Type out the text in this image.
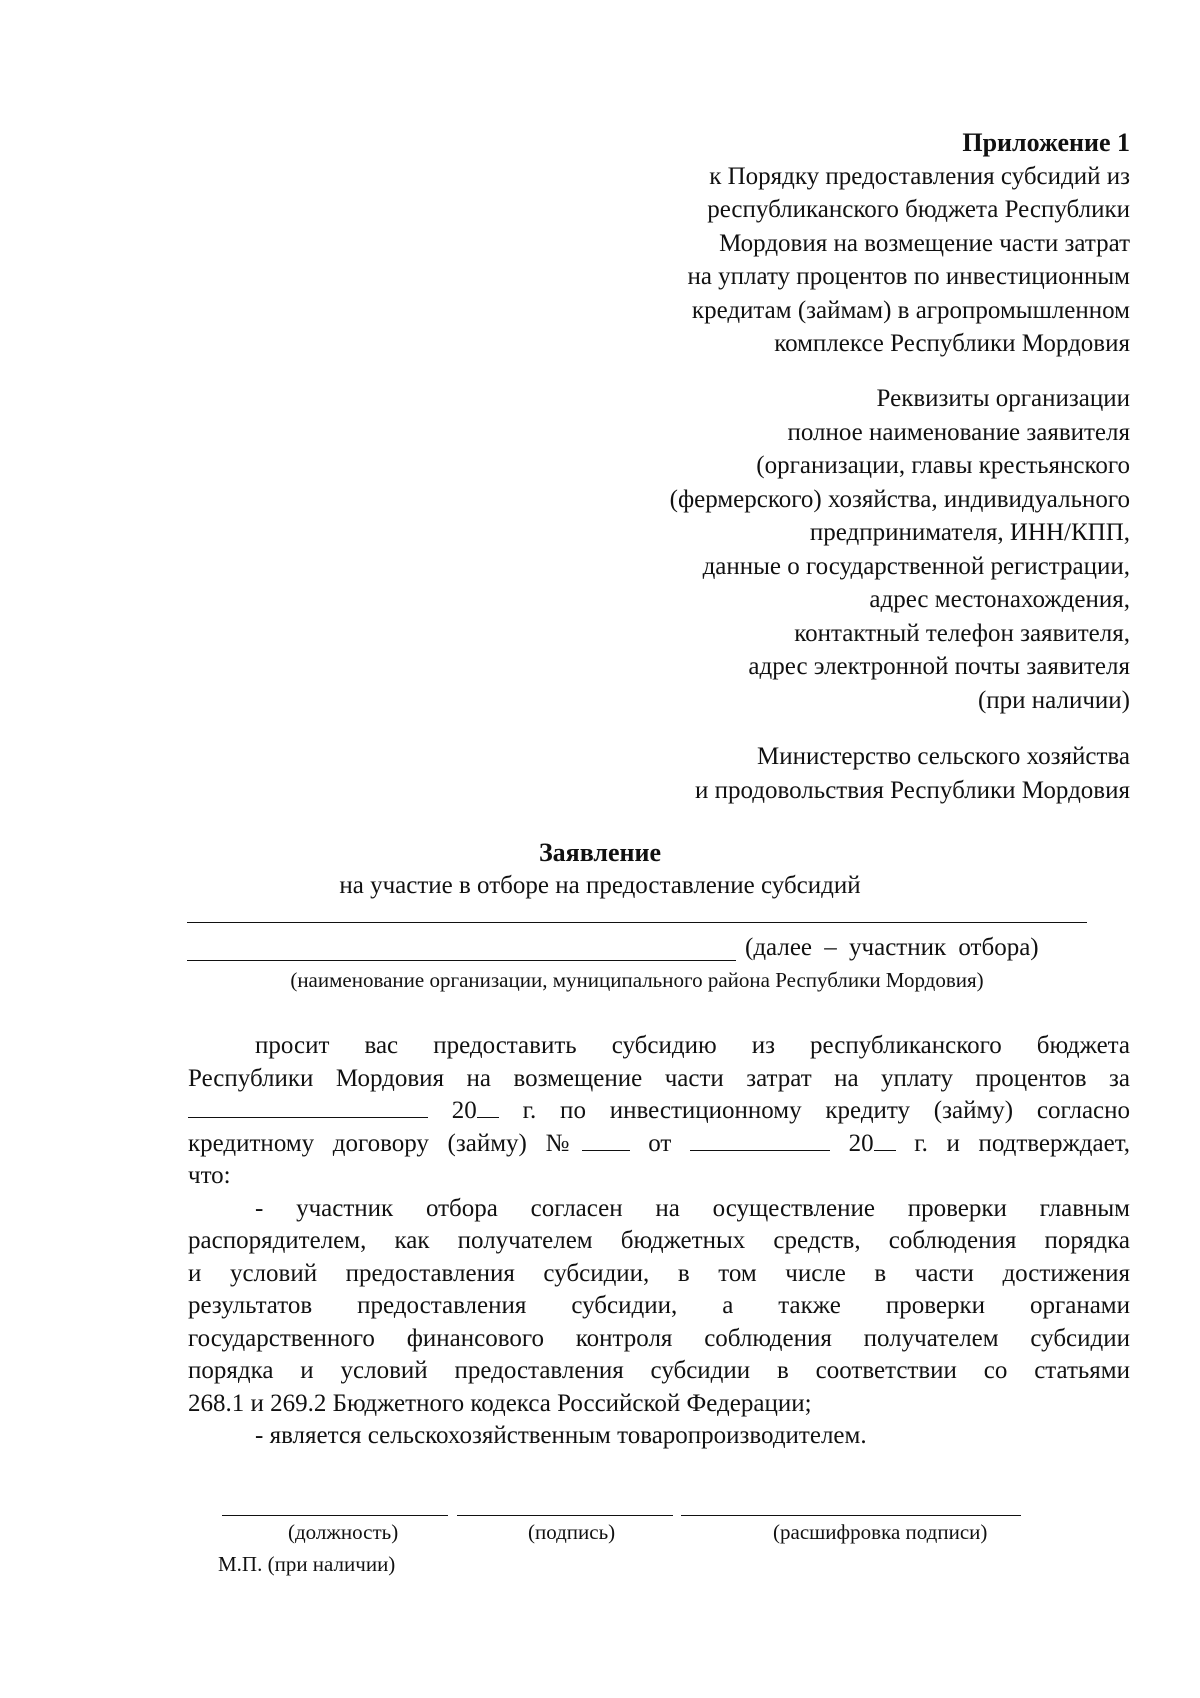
Приложение 1
к Порядку предоставления субсидий из
республиканского бюджета Республики
Мордовия на возмещение части затрат
на уплату процентов по инвестиционным
кредитам (займам) в агропромышленном
комплексе Республики Мордовия
Реквизиты организации
полное наименование заявителя
(организации, главы крестьянского
(фермерского) хозяйства, индивидуального
предпринимателя, ИНН/КПП,
данные о государственной регистрации,
адрес местонахождения,
контактный телефон заявителя,
адрес электронной почты заявителя
(при наличии)
Министерство сельского хозяйства
и продовольствия Республики Мордовия
Заявление
на участие в отборе на предоставление субсидий
(далее – участник отбора)
(наименование организации, муниципального района Республики Мордовия)
просит вас предоставить субсидию из республиканского бюджета
Республики Мордовия на возмещение части затрат на уплату процентов за
20 г. по инвестиционному кредиту (займу) согласно
кредитному договору (займу) №	от	20 г. и подтверждает,
что:
- участник отбора согласен на осуществление проверки главным
распорядителем, как получателем бюджетных средств, соблюдения порядка
и условий предоставления субсидии, в том числе в части достижения
результатов предоставления субсидии, а также проверки органами
государственного финансового контроля соблюдения получателем субсидии
порядка и условий предоставления субсидии в соответствии со статьями
268.1 и 269.2 Бюджетного кодекса Российской Федерации;
- является сельскохозяйственным товаропроизводителем.
(должность)	(подпись)	(расшифровка подписи)
М.П. (при наличии)
